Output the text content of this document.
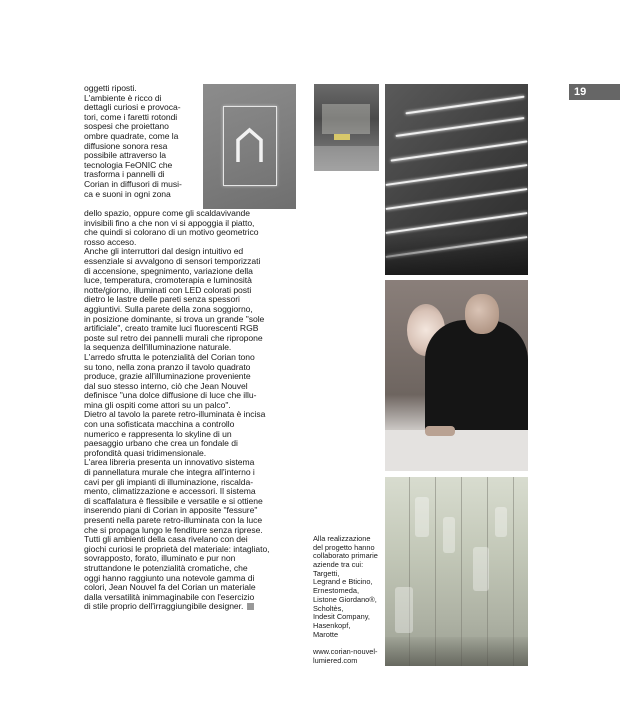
19
oggetti riposti.
L'ambiente è ricco di
dettagli curiosi e provoca-
tori, come i faretti rotondi
sospesi che proiettano
ombre quadrate, come la
diffusione sonora resa
possibile attraverso la
tecnologia FeONIC che
trasforma i pannelli di
Corian in diffusori di musi-
ca e suoni in ogni zona
dello spazio, oppure come gli scaldavivande
invisibili fino a che non vi si appoggia il piatto,
che quindi si colorano di un motivo geometrico
rosso acceso.
Anche gli interruttori dal design intuitivo ed
essenziale si avvalgono di sensori temporizzati
di accensione, spegnimento, variazione della
luce, temperatura, cromoterapia e luminosità
notte/giorno, illuminati con LED colorati posti
dietro le lastre delle pareti senza spessori
aggiuntivi. Sulla parete della zona soggiorno,
in posizione dominante, si trova un grande "sole
artificiale", creato tramite luci fluorescenti RGB
poste sul retro dei pannelli murali che ripropone
la sequenza dell'illuminazione naturale.
L'arredo sfrutta le potenzialità del Corian tono
su tono, nella zona pranzo il tavolo quadrato
produce, grazie all'illuminazione proveniente
dal suo stesso interno, ciò che Jean Nouvel
definisce "una dolce diffusione di luce che illu-
mina gli ospiti come attori su un palco".
Dietro al tavolo la parete retro-illuminata è incisa
con una sofisticata macchina a controllo
numerico e rappresenta lo skyline di un
paesaggio urbano che crea un fondale di
profondità quasi tridimensionale.
L'area libreria presenta un innovativo sistema
di pannellatura murale che integra all'interno i
cavi per gli impianti di illuminazione, riscalda-
mento, climatizzazione e accessori. Il sistema
di scaffalatura è flessibile e versatile e si ottiene
inserendo piani di Corian in apposite "fessure"
presenti nella parete retro-illuminata con la luce
che si propaga lungo le fenditure senza riprese.
Tutti gli ambienti della casa rivelano con dei
giochi curiosi le proprietà del materiale: intagliato,
sovrapposto, forato, illuminato e pur non
struttandone le potenzialità cromatiche, che
oggi hanno raggiunto una notevole gamma di
colori, Jean Nouvel fa del Corian un materiale
dalla versatilità inimmaginabile con l'esercizio
di stile proprio dell'irraggiungibile designer.
Alla realizzazione
del progetto hanno
collaborato primarie
aziende tra cui:
Targetti,
Legrand e Bticino,
Ernestomeda,
Listone Giordano®,
Scholtès,
Indesit Company,
Hasenkopf,
Marotte
www.corian-nouvel-
lumiered.com
